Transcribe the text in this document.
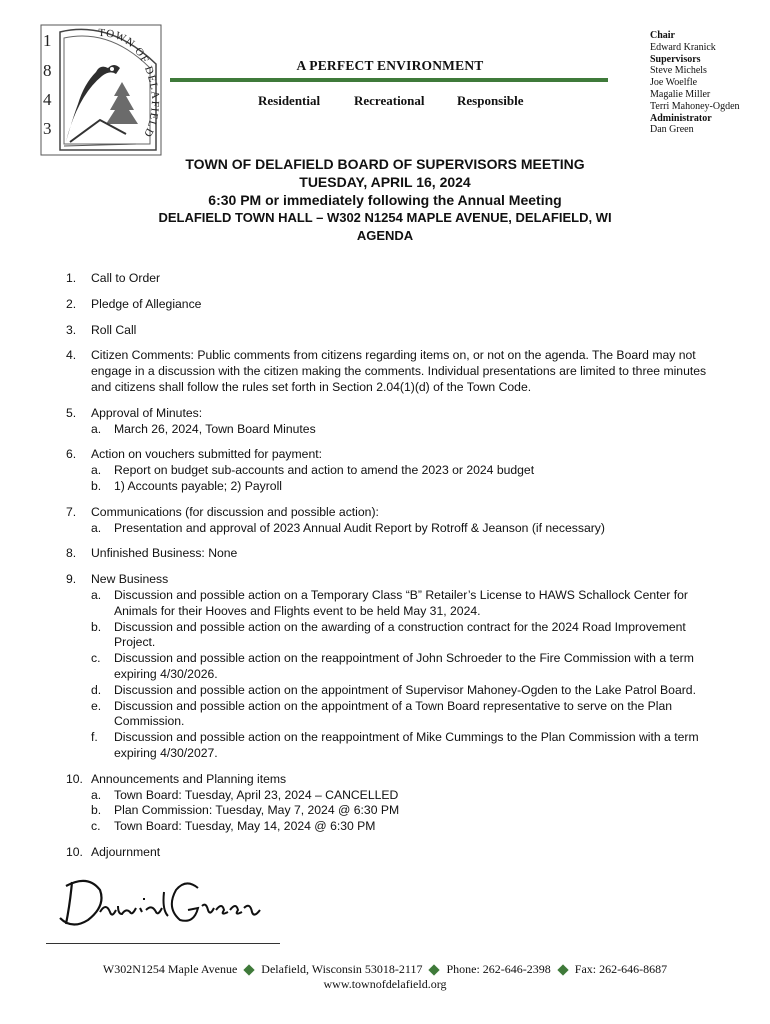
1
8
4
3
TOWN OF DELAFIELD
A PERFECT ENVIRONMENT
Residential	Recreational Responsible
Chair
Edward Kranick
Supervisors
Steve Michels
Joe Woelfle
Magalie Miller
Terri Mahoney-Ogden
Administrator
Dan Green
TOWN OF DELAFIELD BOARD OF SUPERVISORS MEETING
TUESDAY, APRIL 16, 2024
6:30 PM or immediately following the Annual Meeting
DELAFIELD TOWN HALL – W302 N1254 MAPLE AVENUE, DELAFIELD, WI
AGENDA
1. Call to Order
2. Pledge of Allegiance
3. Roll Call
4. Citizen Comments: Public comments from citizens regarding items on, or not on the agenda. The Board may not engage in a discussion with the citizen making the comments. Individual presentations are limited to three minutes and citizens shall follow the rules set forth in Section 2.04(1)(d) of the Town Code.
5. Approval of Minutes:
a. March 26, 2024, Town Board Minutes
6. Action on vouchers submitted for payment:
a. Report on budget sub-accounts and action to amend the 2023 or 2024 budget
b. 1) Accounts payable; 2) Payroll
7. Communications (for discussion and possible action):
a. Presentation and approval of 2023 Annual Audit Report by Rotroff & Jeanson (if necessary)
8. Unfinished Business: None
9. New Business
a. Discussion and possible action on a Temporary Class “B” Retailer’s License to HAWS Schallock Center for Animals for their Hooves and Flights event to be held May 31, 2024.
b. Discussion and possible action on the awarding of a construction contract for the 2024 Road Improvement Project.
c. Discussion and possible action on the reappointment of John Schroeder to the Fire Commission with a term expiring 4/30/2026.
d. Discussion and possible action on the appointment of Supervisor Mahoney-Ogden to the Lake Patrol Board.
e. Discussion and possible action on the appointment of a Town Board representative to serve on the Plan Commission.
f. Discussion and possible action on the reappointment of Mike Cummings to the Plan Commission with a term expiring 4/30/2027.
10. Announcements and Planning items
a. Town Board: Tuesday, April 23, 2024 – CANCELLED
b. Plan Commission: Tuesday, May 7, 2024 @ 6:30 PM
c. Town Board: Tuesday, May 14, 2024 @ 6:30 PM
10. Adjournment
W302N1254 Maple Avenue Delafield, Wisconsin 53018-2117 Phone: 262-646-2398 Fax: 262-646-8687
www.townofdelafield.org
